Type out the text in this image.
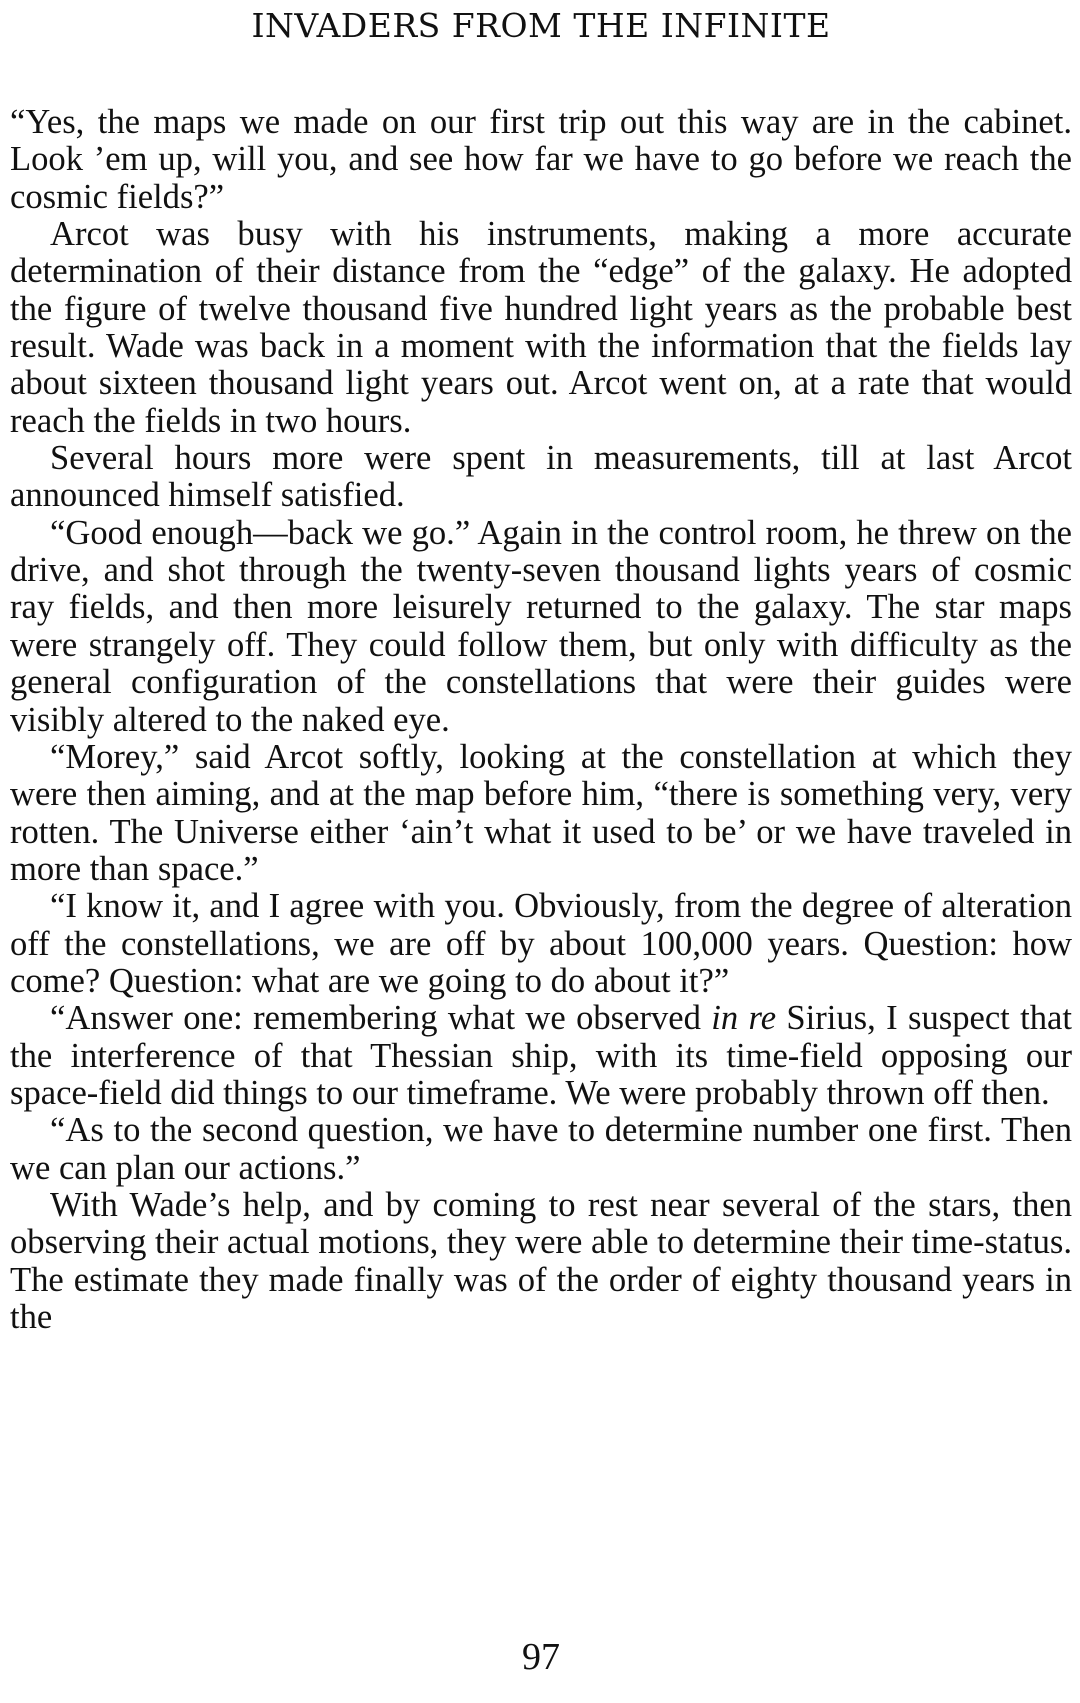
INVADERS FROM THE INFINITE

“Yes, the maps we made on our first trip out this way are in the cabinet. Look ’em up, will you, and see how far we have to go before we reach the cosmic fields?”

Arcot was busy with his instruments, making a more accurate determination of their distance from the “edge” of the galaxy. He adopted the figure of twelve thousand five hundred light years as the probable best result. Wade was back in a moment with the information that the fields lay about sixteen thousand light years out. Arcot went on, at a rate that would reach the fields in two hours.

Several hours more were spent in measurements, till at last Arcot announced himself satisfied.

“Good enough—back we go.” Again in the control room, he threw on the drive, and shot through the twenty-seven thousand lights years of cosmic ray fields, and then more leisurely returned to the galaxy. The star maps were strangely off. They could follow them, but only with difficulty as the general configuration of the constellations that were their guides were visibly altered to the naked eye.

“Morey,” said Arcot softly, looking at the constellation at which they were then aiming, and at the map before him, “there is something very, very rotten. The Universe either ‘ain’t what it used to be’ or we have traveled in more than space.”

“I know it, and I agree with you. Obviously, from the degree of alteration off the constellations, we are off by about 100,000 years. Question: how come? Question: what are we going to do about it?”

“Answer one: remembering what we observed in re Sirius, I suspect that the interference of that Thessian ship, with its time-field opposing our space-field did things to our timeframe. We were probably thrown off then.

“As to the second question, we have to determine number one first. Then we can plan our actions.”

With Wade’s help, and by coming to rest near several of the stars, then observing their actual motions, they were able to determine their time-status. The estimate they made finally was of the order of eighty thousand years in the

97
